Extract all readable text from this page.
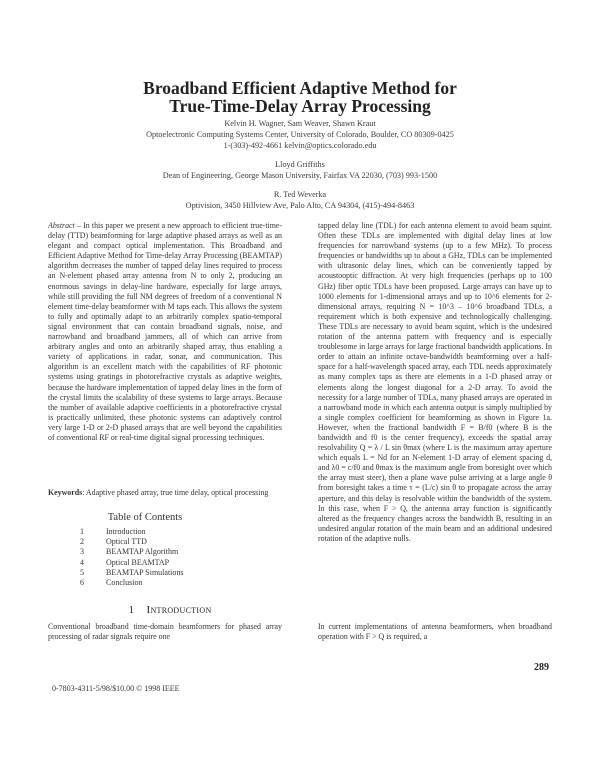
Broadband Efficient Adaptive Method for
True-Time-Delay Array Processing
Kelvin H. Wagner, Sam Weaver, Shawn Kraut
Optoelectronic Computing Systems Center, University of Colorado, Boulder, CO 80309-0425
1-(303)-492-4661 kelvin@optics.colorado.edu
Lloyd Griffiths
Dean of Engineering, George Mason University, Fairfax VA 22030, (703) 993-1500
R. Ted Weverka
Optivision, 3450 Hillview Ave, Palo Alto, CA 94304, (415)-494-8463

Abstract – In this paper we present a new approach to efficient true-time-delay (TTD) beamforming for large adaptive phased arrays as well as an elegant and compact optical implementation. This Broadband and Efficient Adaptive Method for Time-delay Array Processing (BEAMTAP) algorithm decreases the number of tapped delay lines required to process an N-element phased array antenna from N to only 2, producing an enormous savings in delay-line hardware, especially for large arrays, while still providing the full NM degrees of freedom of a conventional N element time-delay beamformer with M taps each. This allows the system to fully and optimally adapt to an arbitrarily complex spatio-temporal signal environment that can contain broadband signals, noise, and narrowband and broadband jammers, all of which can arrive from arbitrary angles and onto an arbitrarily shaped array, thus enabling a variety of applications in radar, sonar, and communication. This algorithm is an excellent match with the capabilities of RF photonic systems using gratings in photorefractive crystals as adaptive weights, because the hardware implementation of tapped delay lines in the form of the crystal limits the scalability of these systems to large arrays. Because the number of available adaptive coefficients in a photorefractive crystal is practically unlimited, these photonic systems can adaptively control very large 1-D or 2-D phased arrays that are well beyond the capabilities of conventional RF or real-time digital signal processing techniques.

Keywords: Adaptive phased array, true time delay, optical processing

Table of Contents
1	Introduction
2	Optical TTD
3	BEAMTAP Algorithm
4	Optical BEAMTAP
5	BEAMTAP Simulations
6	Conclusion
1 Introduction

Conventional broadband time-domain beamformers for phased array processing of radar signals require one

tapped delay line (TDL) for each antenna element to avoid beam squint. Often these TDLs are implemented with digital delay lines at low frequencies for narrowband systems (up to a few MHz). To process frequencies or bandwidths up to about a GHz, TDLs can be implemented with ultrasonic delay lines, which can be conveniently tapped by acoustooptic diffraction. At very high frequencies (perhaps up to 100 GHz) fiber optic TDLs have been proposed. Large arrays can have up to 1000 elements for 1-dimensional arrays and up to 10^6 elements for 2-dimensional arrays, requiring N = 10^3 – 10^6 broadband TDLs, a requirement which is both expensive and technologically challenging. These TDLs are necessary to avoid beam squint, which is the undesired rotation of the antenna pattern with frequency and is especially troublesome in large arrays for large fractional bandwidth applications. In order to attain an infinite octave-bandwidth beamforming over a half-space for a half-wavelength spaced array, each TDL needs approximately as many complex taps as there are elements in a 1-D phased array or elements along the longest diagonal for a 2-D array. To avoid the necessity for a large number of TDLs, many phased arrays are operated in a narrowband mode in which each antenna output is simply multiplied by a single complex coefficient for beamforming as shown in Figure 1a. However, when the fractional bandwidth F = B/f0 (where B is the bandwidth and f0 is the center frequency), exceeds the spatial array resolvability Q = λ / L sin θmax (where L is the maximum array aperture which equals L = Nd for an N-element 1-D array of element spacing d, and λ0 = c/f0 and θmax is the maximum angle from boresight over which the array must steer), then a plane wave pulse arriving at a large angle θ from boresight takes a time τ = (L/c) sin θ to propagate across the array aperture, and this delay is resolvable within the bandwidth of the system. In this case, when F > Q, the antenna array function is significantly altered as the frequency changes across the bandwidth B, resulting in an undesired angular rotation of the main beam and an additional undesired rotation of the adaptive nulls.

In current implementations of antenna beamformers, when broadband operation with F > Q is required, a

289
0-7803-4311-5/98/$10.00 © 1998 IEEE
